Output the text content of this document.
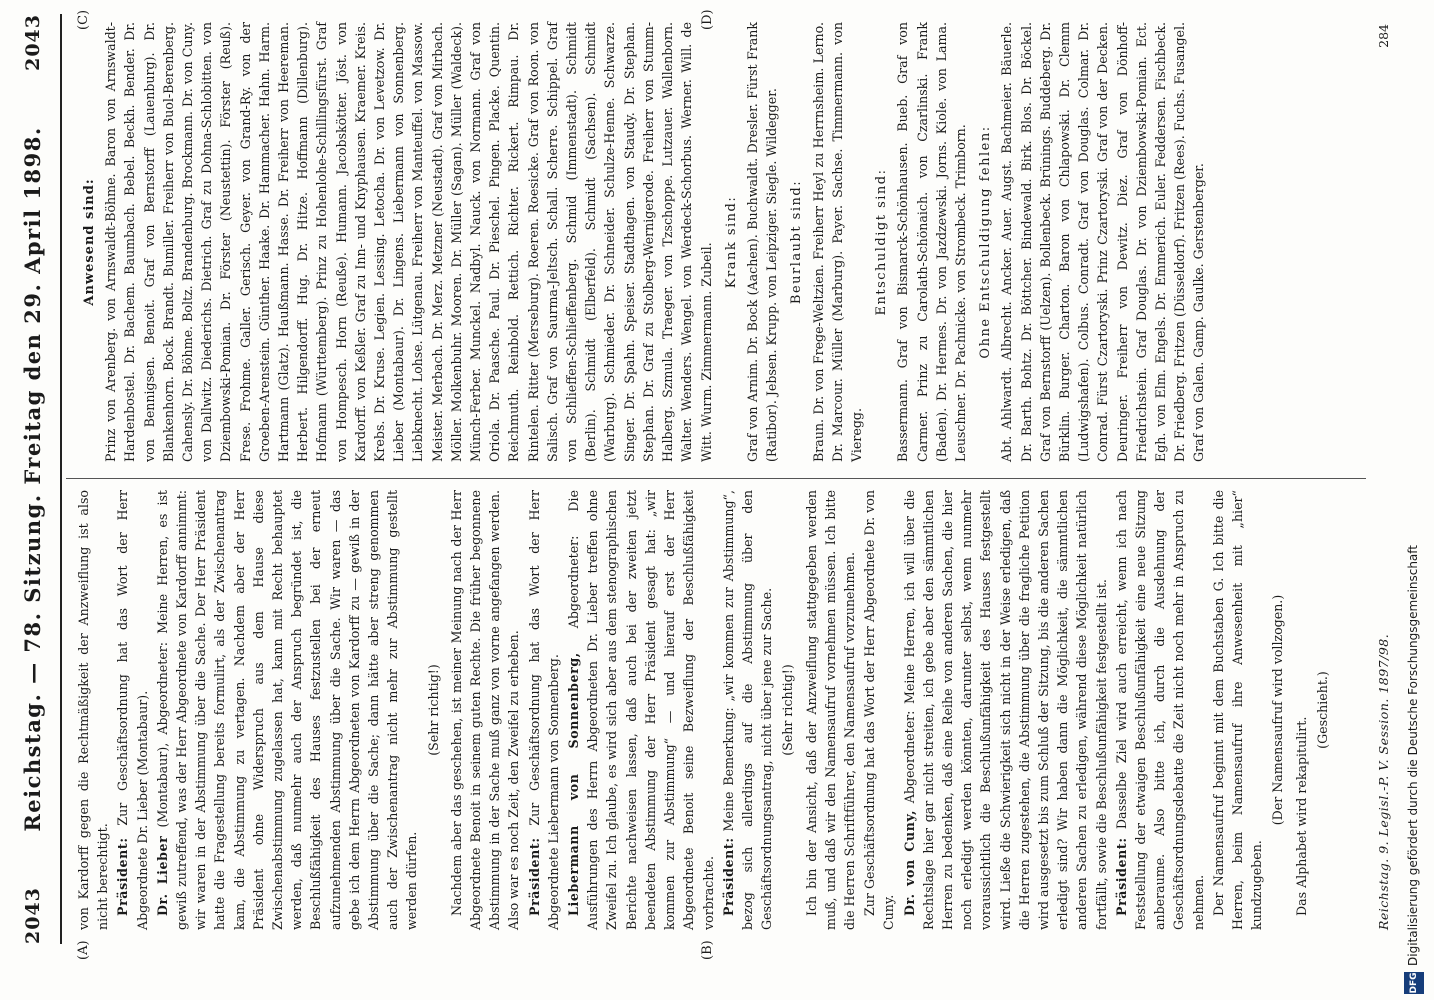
2043
Reichstag. — 78. Sitzung. Freitag den 29. April 1898.
2043
(A)	(B)
(C)	(D)

von Kardorff gegen die Rechtmäßigkeit der Anzweiflung ist also nicht berechtigt. Präsident: Zur Geschäftsordnung hat das Wort der Herr Abgeordnete Dr. Lieber (Montabaur). Dr. Lieber (Montabaur), Abgeordneter: Meine Herren, es ist gewiß zutreffend, was der Herr Abgeordnete von Kardorff annimmt: wir waren in der Abstimmung über die Sache. Der Herr Präsident hatte die Fragestellung bereits formulirt, als der Zwischenantrag kam, die Abstimmung zu vertagen. Nachdem aber der Herr Präsident ohne Widerspruch aus dem Hause diese Zwischenabstimmung zugelassen hat, kann mit Recht behauptet werden, daß nunmehr auch der Anspruch begründet ist, die Beschlußfähigkeit des Hauses festzustellen bei der erneut aufzunehmenden Abstimmung über die Sache. Wir waren — das gebe ich dem Herrn Abgeordneten von Kardorff zu — gewiß in der Abstimmung über die Sache; dann hätte aber streng genommen auch der Zwischenantrag nicht mehr zur Abstimmung gestellt werden dürfen.

(Sehr richtig!) Nachdem aber das geschehen, ist meiner Meinung nach der Herr Abgeordnete Benoit in seinem guten Rechte. Die früher begonnene Abstimmung in der Sache muß ganz von vorne angefangen werden. Also war es noch Zeit, den Zweifel zu erheben. Präsident: Zur Geschäftsordnung hat das Wort der Herr Abgeordnete Liebermann von Sonnenberg. Liebermann von Sonnenberg, Abgeordneter: Die Ausführungen des Herrn Abgeordneten Dr. Lieber treffen ohne Zweifel zu. Ich glaube, es wird sich aber aus dem stenographischen Berichte nachweisen lassen, daß auch bei der zweiten jetzt beendeten Abstimmung der Herr Präsident gesagt hat: „wir kommen zur Abstimmung“ — und hierauf erst der Herr Abgeordnete Benoit seine Bezweiflung der Beschlußfähigkeit vorbrachte. Präsident: Meine Bemerkung: „wir kommen zur Abstimmung“, bezog sich allerdings auf die Abstimmung über den Geschäftsordnungsantrag, nicht über jene zur Sache. (Sehr richtig!) Ich bin der Ansicht, daß der Anzweiflung stattgegeben werden muß, und daß wir den Namensaufruf vornehmen müssen. Ich bitte die Herren Schriftführer, den Namensaufruf vorzunehmen. Zur Geschäftsordnung hat das Wort der Herr Abgeordnete Dr. von Cuny. Dr. von Cuny, Abgeordneter: Meine Herren, ich will über die Rechtslage hier gar nicht streiten, ich gebe aber den sämmtlichen Herren zu bedenken, daß eine Reihe von anderen Sachen, die hier noch erledigt werden könnten, darunter selbst, wenn nunmehr voraussichtlich die Beschlußunfähigkeit des Hauses festgestellt wird. Ließe die Schwierigkeit sich nicht in der Weise erledigen, daß die Herren zugestehen, die Abstimmung über die fragliche Petition wird ausgesetzt bis zum Schluß der Sitzung, bis die anderen Sachen erledigt sind? Wir haben dann die Möglichkeit, die sämmtlichen anderen Sachen zu erledigen, während diese Möglichkeit natürlich fortfällt, sowie die Beschlußunfähigkeit festgestellt ist. Präsident: Dasselbe Ziel wird auch erreicht, wenn ich nach Feststellung der etwaigen Beschlußunfähigkeit eine neue Sitzung anberaume. Also bitte ich, durch die Ausdehnung der Geschäftsordnungsdebatte die Zeit nicht noch mehr in Anspruch zu nehmen. Der Namensaufruf beginnt mit dem Buchstaben G. Ich bitte die Herren, beim Namensaufruf ihre Anwesenheit mit „hier“ kundzugeben.

(Der Namensaufruf wird vollzogen.) Das Alphabet wird rekapitulirt.

(Geschieht.)

Anwesend sind: Prinz von Arenberg. von Arnswaldt-Böhme. Baron von Arnswaldt-Hardenbostel. Dr. Bachem. Baumbach. Bebel. Beckh. Bender. Dr. von Bennigsen. Benoit. Graf von Bernstorff (Lauenburg). Dr. Blankenhorn. Bock. Brandt. Bumiller. Freiherr von Buol-Berenberg. Cahensly. Dr. Böhme. Boltz. Brandenburg. Brockmann. Dr. von Cuny. von Dallwitz. Diederichs. Dietrich. Graf zu Dohna-Schlobitten. von Dziembowski-Pomian. Dr. Förster (Neustettin). Förster (Reuß). Frese. Frohme. Galler. Gerisch. Geyer. von Grand-Ry. von der Groeben-Arenstein. Günther. Haake. Dr. Hammacher. Hahn. Harm. Hartmann (Glatz). Haußmann. Hasse. Dr. Freiherr von Heereman. Herbert. Hilgendorff. Hug. Dr. Hitze. Hoffmann (Dillenburg). Hofmann (Württemberg). Prinz zu Hohenlohe-Schillingsfürst. Graf von Hompesch. Horn (Reuße). Humann. Jacobskötter. Jöst. von Kardorff. von Keßler. Graf zu Inn- und Knyphausen. Kraemer. Kreis. Krebs. Dr. Kruse. Legien. Lessing. Letocha. Dr. von Levetzow. Dr. Lieber (Montabaur). Dr. Lingens. Liebermann von Sonnenberg. Liebknecht. Lohse. Lütgenau. Freiherr von Manteuffel. von Massow. Meister. Merbach. Dr. Merz. Metzner (Neustadt). Graf von Mirbach. Möller. Molkenbuhr. Mooren. Dr. Müller (Sagan). Müller (Waldeck). Münch-Ferber. Munckel. Nadbyl. Nauck. von Normann. Graf von Oriola. Dr. Paasche. Paul. Dr. Pieschel. Pingen. Placke. Quentin. Reichmuth. Reinbold. Rettich. Richter. Rickert. Rimpau. Dr. Rintelen. Ritter (Merseburg). Roeren. Roesicke. Graf von Roon. von Salisch. Graf von Saurma-Jeltsch. Schall. Scherre. Schippel. Graf von Schlieffen-Schlieffenberg. Schmid (Immenstadt). Schmidt (Berlin). Schmidt (Elberfeld). Schmidt (Sachsen). Schmidt (Warburg). Schmieder. Dr. Schneider. Schulze-Henne. Schwarze. Singer. Dr. Spahn. Speiser. Stadthagen. von Staudy. Dr. Stephan. Stephan. Dr. Graf zu Stolberg-Wernigerode. Freiherr von Stumm-Halberg. Szmula. Traeger. von Tzschoppe. Lutzauer. Wallenborn. Walter. Wenders. Wengel. von Werdeck-Schorbus. Werner. Will. de Witt. Wurm. Zimmermann. Zubeil.

Krank sind: Graf von Arnim. Dr. Bock (Aachen). Buchwaldt. Dresler. Fürst Frank (Ratibor). Jebsen. Krupp. von Leipziger. Siegle. Wildegger. Beurlaubt sind: Braun. Dr. von Frege-Weltzien. Freiherr Heyl zu Herrnsheim. Lerno. Dr. Marcour. Müller (Marburg). Payer. Sachse. Timmermann. von Vieregg.

Entschuldigt sind: Bassermann. Graf von Bismarck-Schönhausen. Bueb. Graf von Carmer. Prinz zu Carolath-Schönaich. von Czarlinski. Frank (Baden). Dr. Hermes. Dr. von Jazdzewski. Jorns. Kiole. von Lama. Leuschner. Dr. Pachnicke. von Strombeck. Trimborn. Ohne Entschuldigung fehlen: Abt. Ahlwardt. Albrecht. Ancker. Auer. Augst. Bachmeier. Bäuerle. Dr. Barth. Bohtz. Dr. Böttcher. Bindewald. Birk. Blos. Dr. Böckel. Graf von Bernstorff (Uelzen). Bollenbeck. Brünings. Buddeberg. Dr. Bürklin. Burger. Charton. Baron von Chlapowski. Dr. Clemm (Ludwigshafen). Colbus. Conradt. Graf von Douglas. Colmar. Dr. Conrad. Fürst Czartoryski. Prinz Czartoryski. Graf von der Decken. Deuringer. Freiherr von Dewitz. Diez. Graf von Dönhoff-Friedrichstein. Graf Douglas. Dr. von Dziembowski-Pomian. Ect. Egh. von Elm. Engels. Dr. Emmerich. Euler. Feddersen. Fischbeck. Dr. Friedberg. Fritzen (Düsseldorf). Fritzen (Rees). Fuchs. Fusangel. Graf von Galen. Gamp. Gaulke. Gerstenberger.

Reichstag. 9. Legisl.-P. V. Session. 1897/98.
284
DFG
Digitalisierung gefördert durch die Deutsche Forschungsgemeinschaft
